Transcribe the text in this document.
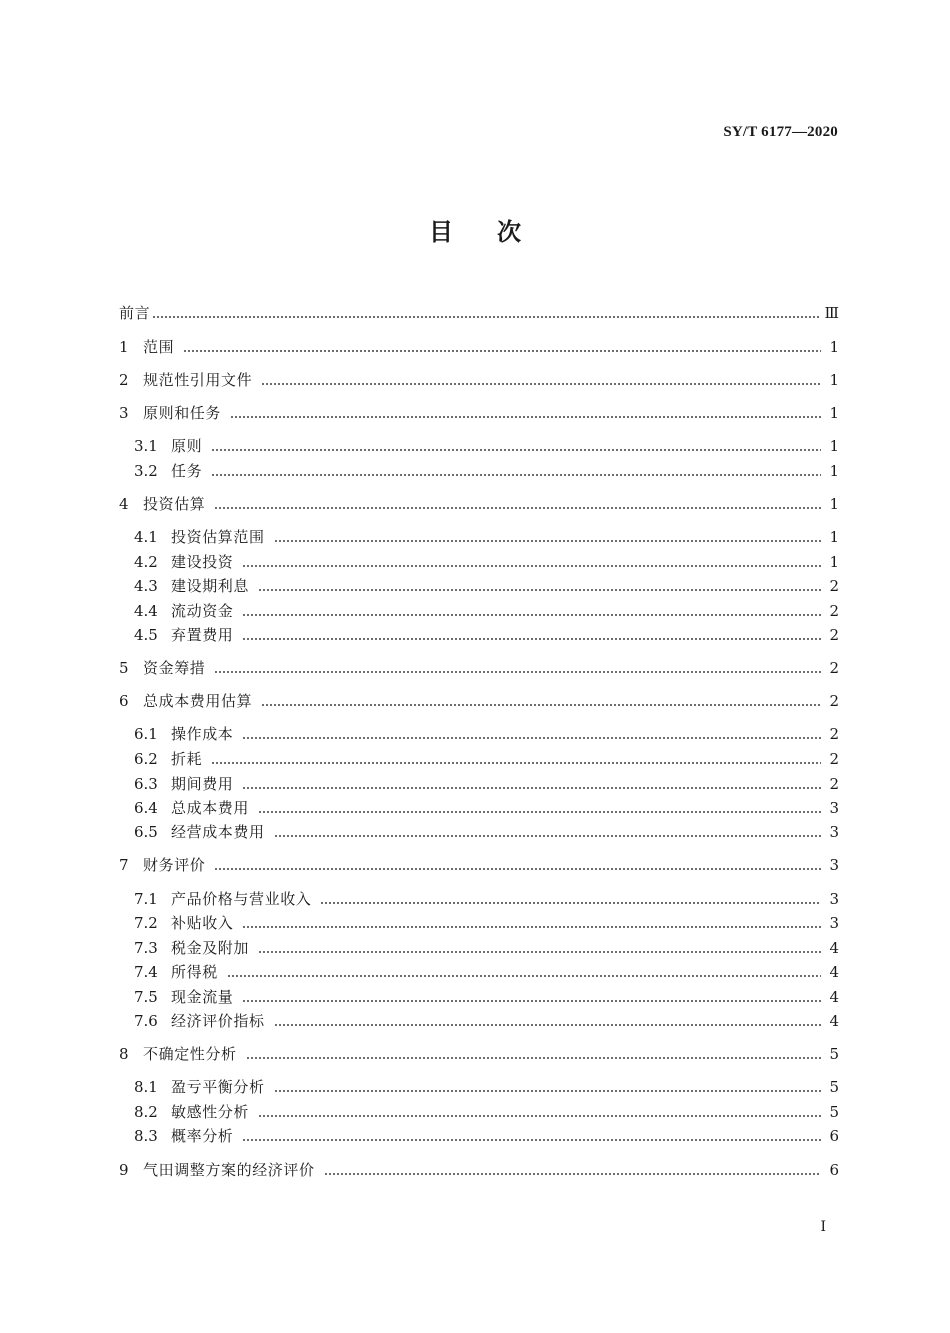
SY/T 6177—2020
目 次
前言	Ⅲ
1 范围	1
2 规范性引用文件	1
3 原则和任务	1
3.1 原则	1
3.2 任务	1
4 投资估算	1
4.1 投资估算范围	1
4.2 建设投资	1
4.3 建设期利息	2
4.4 流动资金	2
4.5 弃置费用	2
5 资金筹措	2
6 总成本费用估算	2
6.1 操作成本	2
6.2 折耗	2
6.3 期间费用	2
6.4 总成本费用	3
6.5 经营成本费用	3
7 财务评价	3
7.1 产品价格与营业收入	3
7.2 补贴收入	3
7.3 税金及附加	4
7.4 所得税	4
7.5 现金流量	4
7.6 经济评价指标	4
8 不确定性分析	5
8.1 盈亏平衡分析	5
8.2 敏感性分析	5
8.3 概率分析	6
9 气田调整方案的经济评价	6
Ⅰ
